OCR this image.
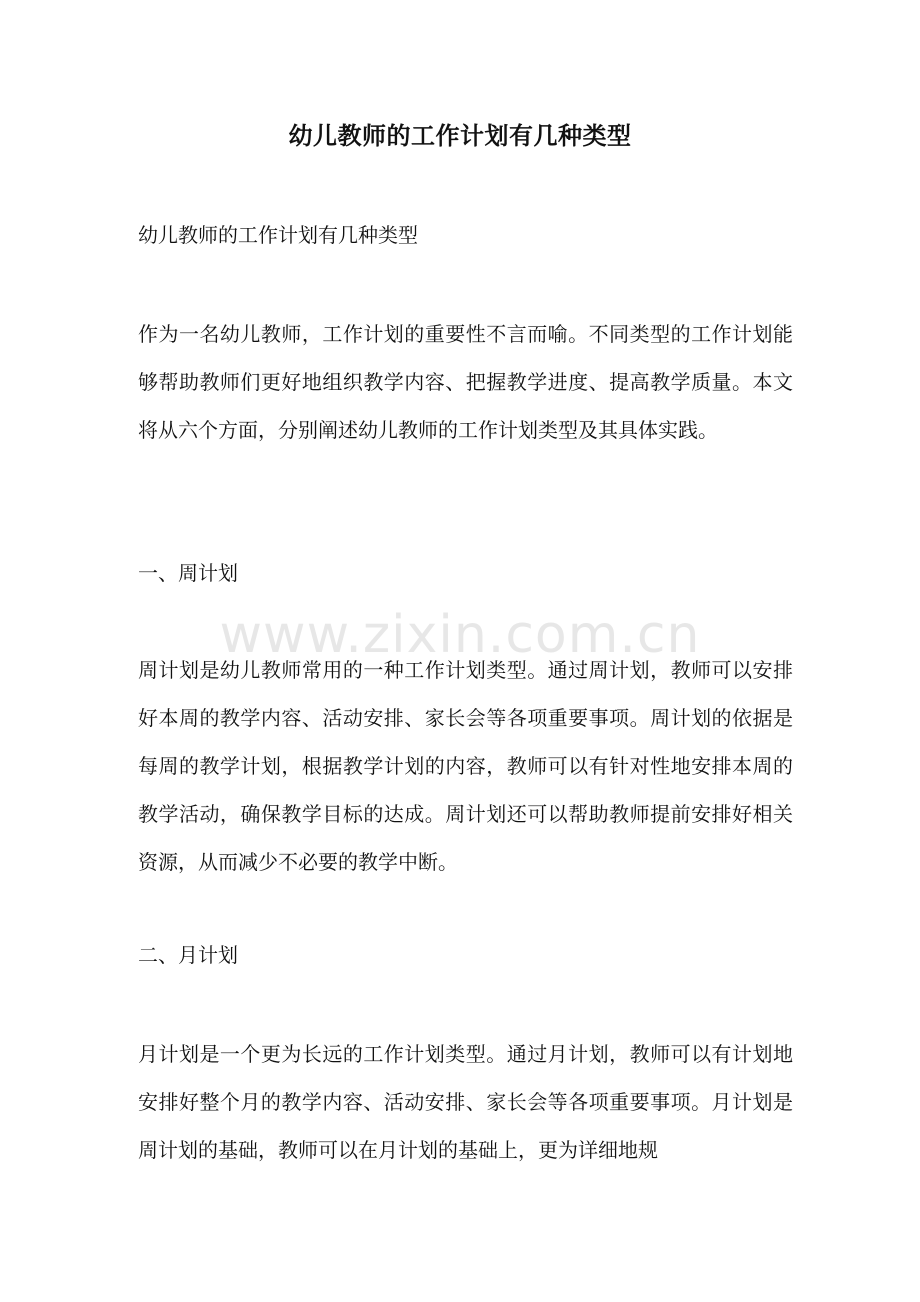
幼儿教师的工作计划有几种类型

幼儿教师的工作计划有几种类型

作为一名幼儿教师，工作计划的重要性不言而喻。不同类型的工作计划能够帮助教师们更好地组织教学内容、把握教学进度、提高教学质量。本文将从六个方面，分别阐述幼儿教师的工作计划类型及其具体实践。

一、周计划

周计划是幼儿教师常用的一种工作计划类型。通过周计划，教师可以安排好本周的教学内容、活动安排、家长会等各项重要事项。周计划的依据是每周的教学计划，根据教学计划的内容，教师可以有针对性地安排本周的教学活动，确保教学目标的达成。周计划还可以帮助教师提前安排好相关资源，从而减少不必要的教学中断。

二、月计划

月计划是一个更为长远的工作计划类型。通过月计划，教师可以有计划地安排好整个月的教学内容、活动安排、家长会等各项重要事项。月计划是周计划的基础，教师可以在月计划的基础上，更为详细地规

www.zixin.com.cn
